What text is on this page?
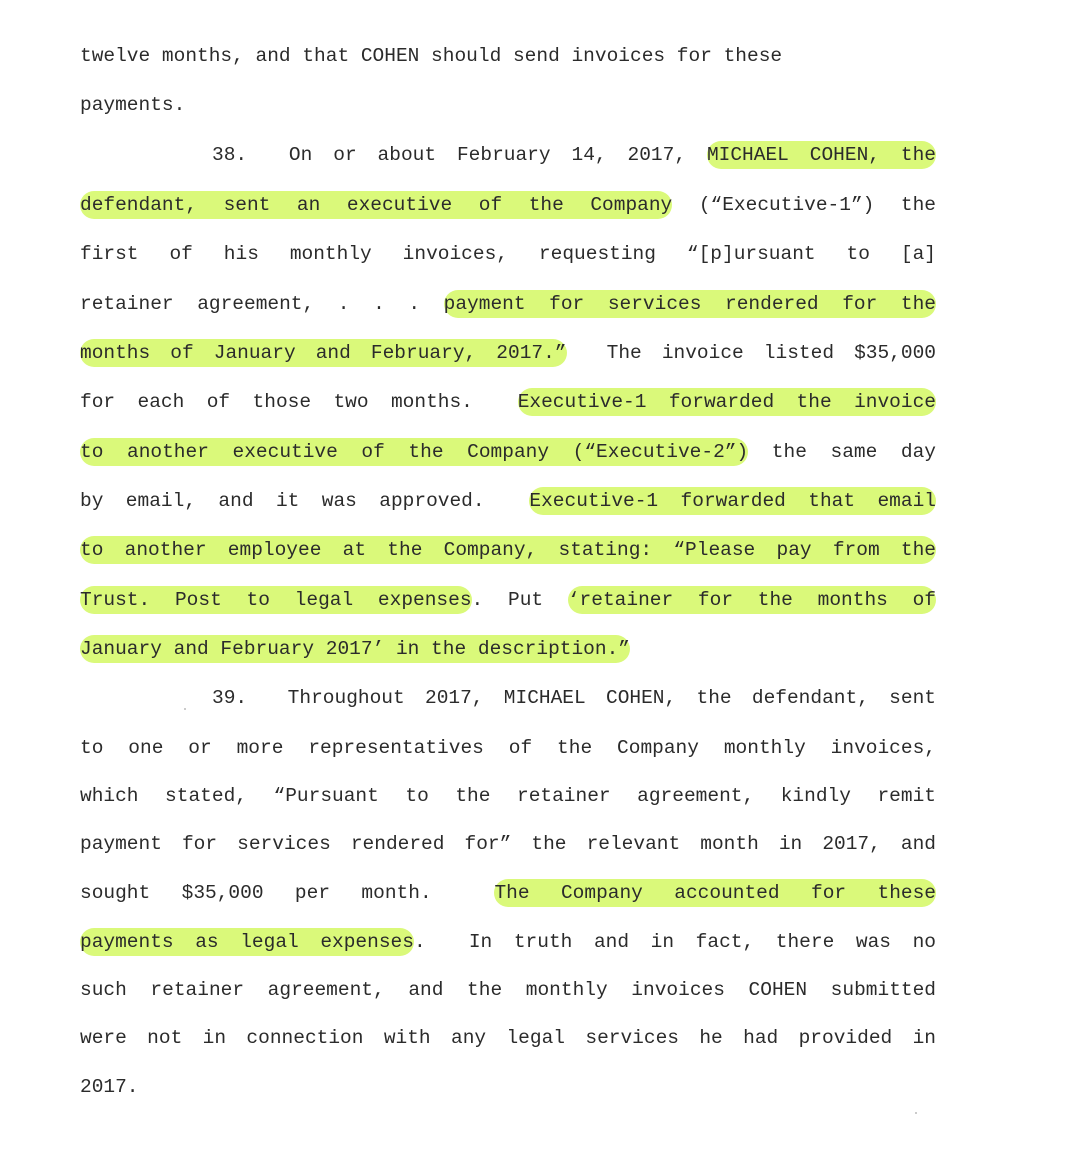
twelve months, and that COHEN should send invoices for these
payments.
38.  On or about February 14, 2017, MICHAEL COHEN, the
defendant, sent an executive of the Company (“Executive-1”) the
first of his monthly invoices, requesting “[p]ursuant to [a]
retainer agreement, . . . payment for services rendered for the
months of January and February, 2017.”  The invoice listed $35,000
for each of those two months.  Executive-1 forwarded the invoice
to another executive of the Company (“Executive-2”) the same day
by email, and it was approved.  Executive-1 forwarded that email
to another employee at the Company, stating: “Please pay from the
Trust. Post to legal expenses. Put ‘retainer for the months of
January and February 2017’ in the description.”
39.  Throughout 2017, MICHAEL COHEN, the defendant, sent
to one or more representatives of the Company monthly invoices,
which stated, “Pursuant to the retainer agreement, kindly remit
payment for services rendered for” the relevant month in 2017, and
sought $35,000 per month.  The Company accounted for these
payments as legal expenses.  In truth and in fact, there was no
such retainer agreement, and the monthly invoices COHEN submitted
were not in connection with any legal services he had provided in
2017.
